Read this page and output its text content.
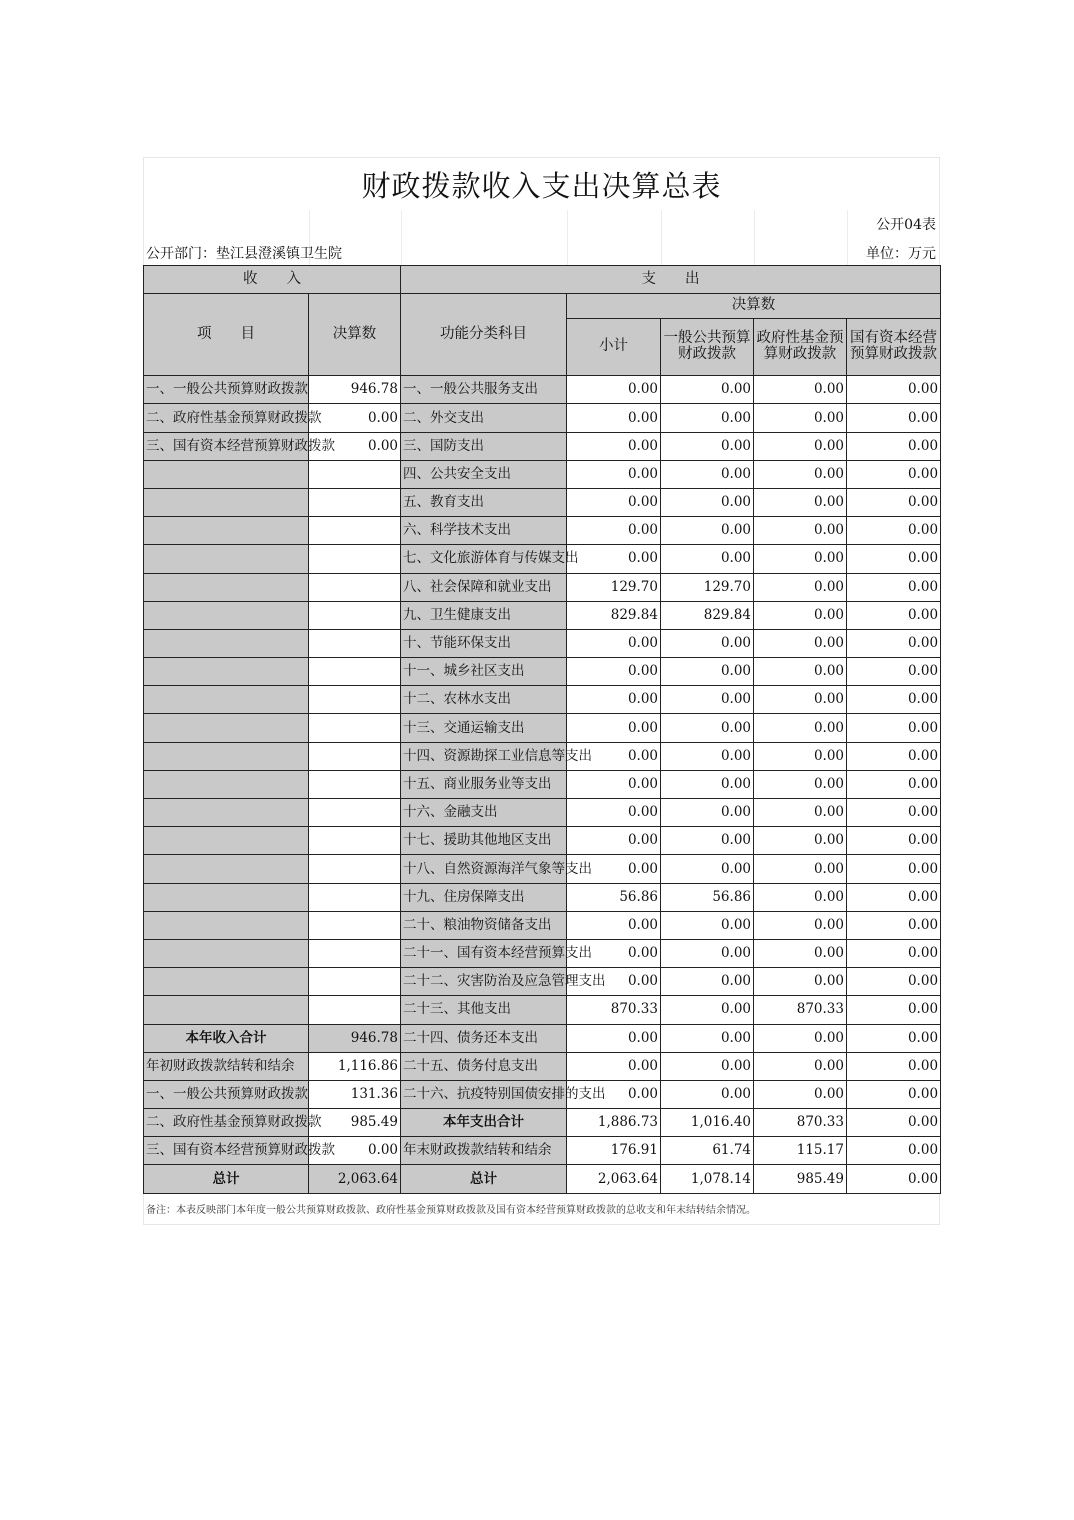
财政拨款收入支出决算总表
公开部门：垫江县澄溪镇卫生院
公开04表
单位：万元
收　　入		支　　出				
项　　目	决算数	功能分类科目	决算数			
			小计	一般公共预算财政拨款	政府性基金预算财政拨款	国有资本经营预算财政拨款
一、一般公共预算财政拨款	946.78	一、一般公共服务支出	0.00	0.00	0.00	0.00
二、政府性基金预算财政拨款	0.00	二、外交支出	0.00	0.00	0.00	0.00
三、国有资本经营预算财政拨款	0.00	三、国防支出	0.00	0.00	0.00	0.00
		四、公共安全支出	0.00	0.00	0.00	0.00
		五、教育支出	0.00	0.00	0.00	0.00
		六、科学技术支出	0.00	0.00	0.00	0.00
		七、文化旅游体育与传媒支出	0.00	0.00	0.00	0.00
		八、社会保障和就业支出	129.70	129.70	0.00	0.00
		九、卫生健康支出	829.84	829.84	0.00	0.00
		十、节能环保支出	0.00	0.00	0.00	0.00
		十一、城乡社区支出	0.00	0.00	0.00	0.00
		十二、农林水支出	0.00	0.00	0.00	0.00
		十三、交通运输支出	0.00	0.00	0.00	0.00
		十四、资源勘探工业信息等支出	0.00	0.00	0.00	0.00
		十五、商业服务业等支出	0.00	0.00	0.00	0.00
		十六、金融支出	0.00	0.00	0.00	0.00
		十七、援助其他地区支出	0.00	0.00	0.00	0.00
		十八、自然资源海洋气象等支出	0.00	0.00	0.00	0.00
		十九、住房保障支出	56.86	56.86	0.00	0.00
		二十、粮油物资储备支出	0.00	0.00	0.00	0.00
		二十一、国有资本经营预算支出	0.00	0.00	0.00	0.00
		二十二、灾害防治及应急管理支出	0.00	0.00	0.00	0.00
		二十三、其他支出	870.33	0.00	870.33	0.00
本年收入合计	946.78	二十四、债务还本支出	0.00	0.00	0.00	0.00
年初财政拨款结转和结余	1,116.86	二十五、债务付息支出	0.00	0.00	0.00	0.00
一、一般公共预算财政拨款	131.36	二十六、抗疫特别国债安排的支出	0.00	0.00	0.00	0.00
二、政府性基金预算财政拨款	985.49	本年支出合计	1,886.73	1,016.40	870.33	0.00
三、国有资本经营预算财政拨款	0.00	年末财政拨款结转和结余	176.91	61.74	115.17	0.00
总计	2,063.64	总计	2,063.64	1,078.14	985.49	0.00
备注：本表反映部门本年度一般公共预算财政拨款、政府性基金预算财政拨款及国有资本经营预算财政拨款的总收支和年末结转结余情况。
